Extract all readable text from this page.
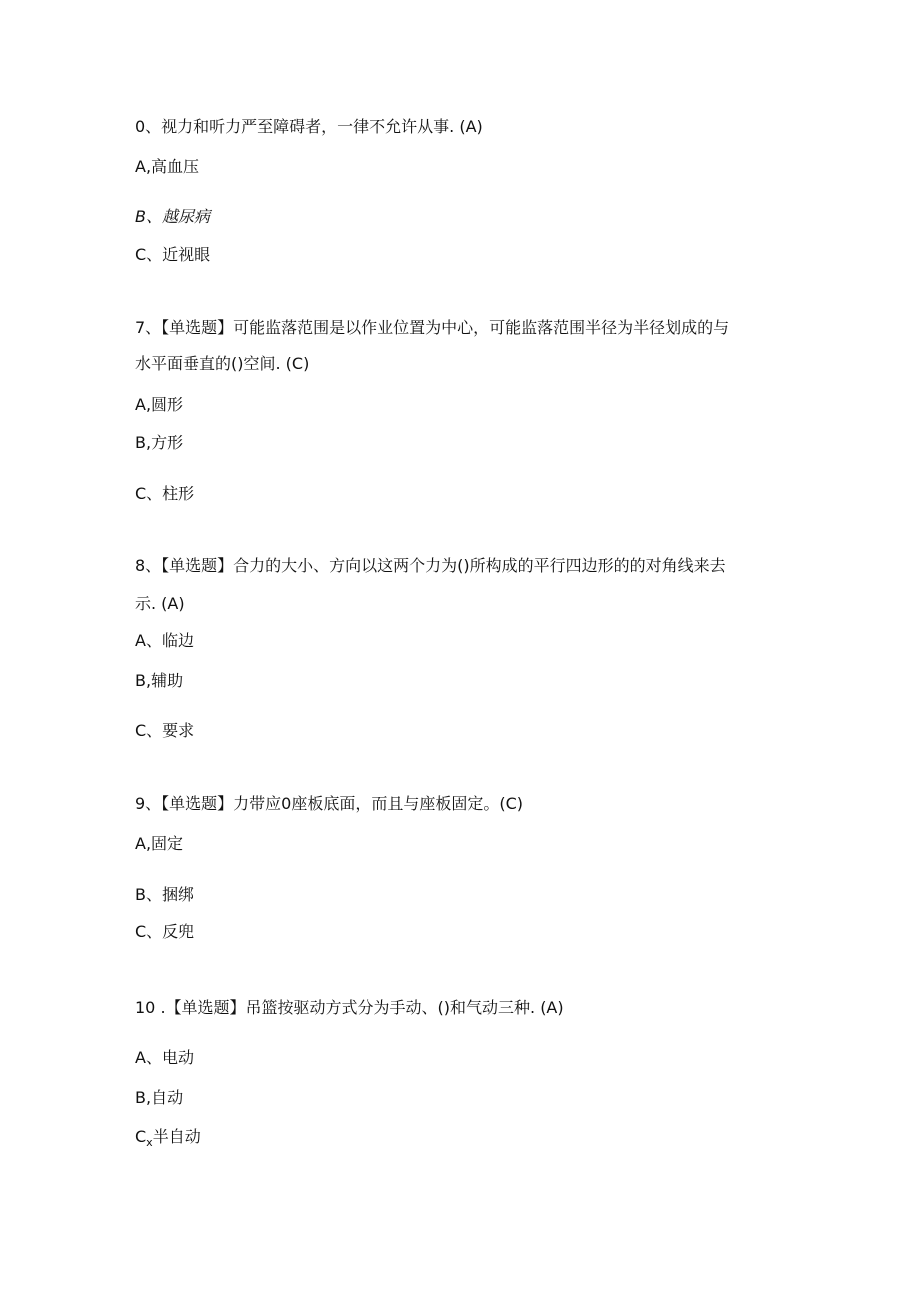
0、视力和听力严至障碍者，一律不允许从事. (A)
A,高血压
B、越尿病
C、近视眼
7、【单选题】可能监落范围是以作业位置为中心，可能监落范围半径为半径划成的与
水平面垂直的()空间. (C)
A,圆形
B,方形
C、柱形
8、【单选题】合力的大小、方向以这两个力为()所构成的平行四边形的的对角线来去
示. (A)
A、临边
B,辅助
C、要求
9、【单选题】力带应0座板底面，而且与座板固定。(C)
A,固定
B、捆绑
C、反兜
10 .【单选题】吊篮按驱动方式分为手动、()和气动三种. (A)
A、电动
B,自动
$C_x$半自动
